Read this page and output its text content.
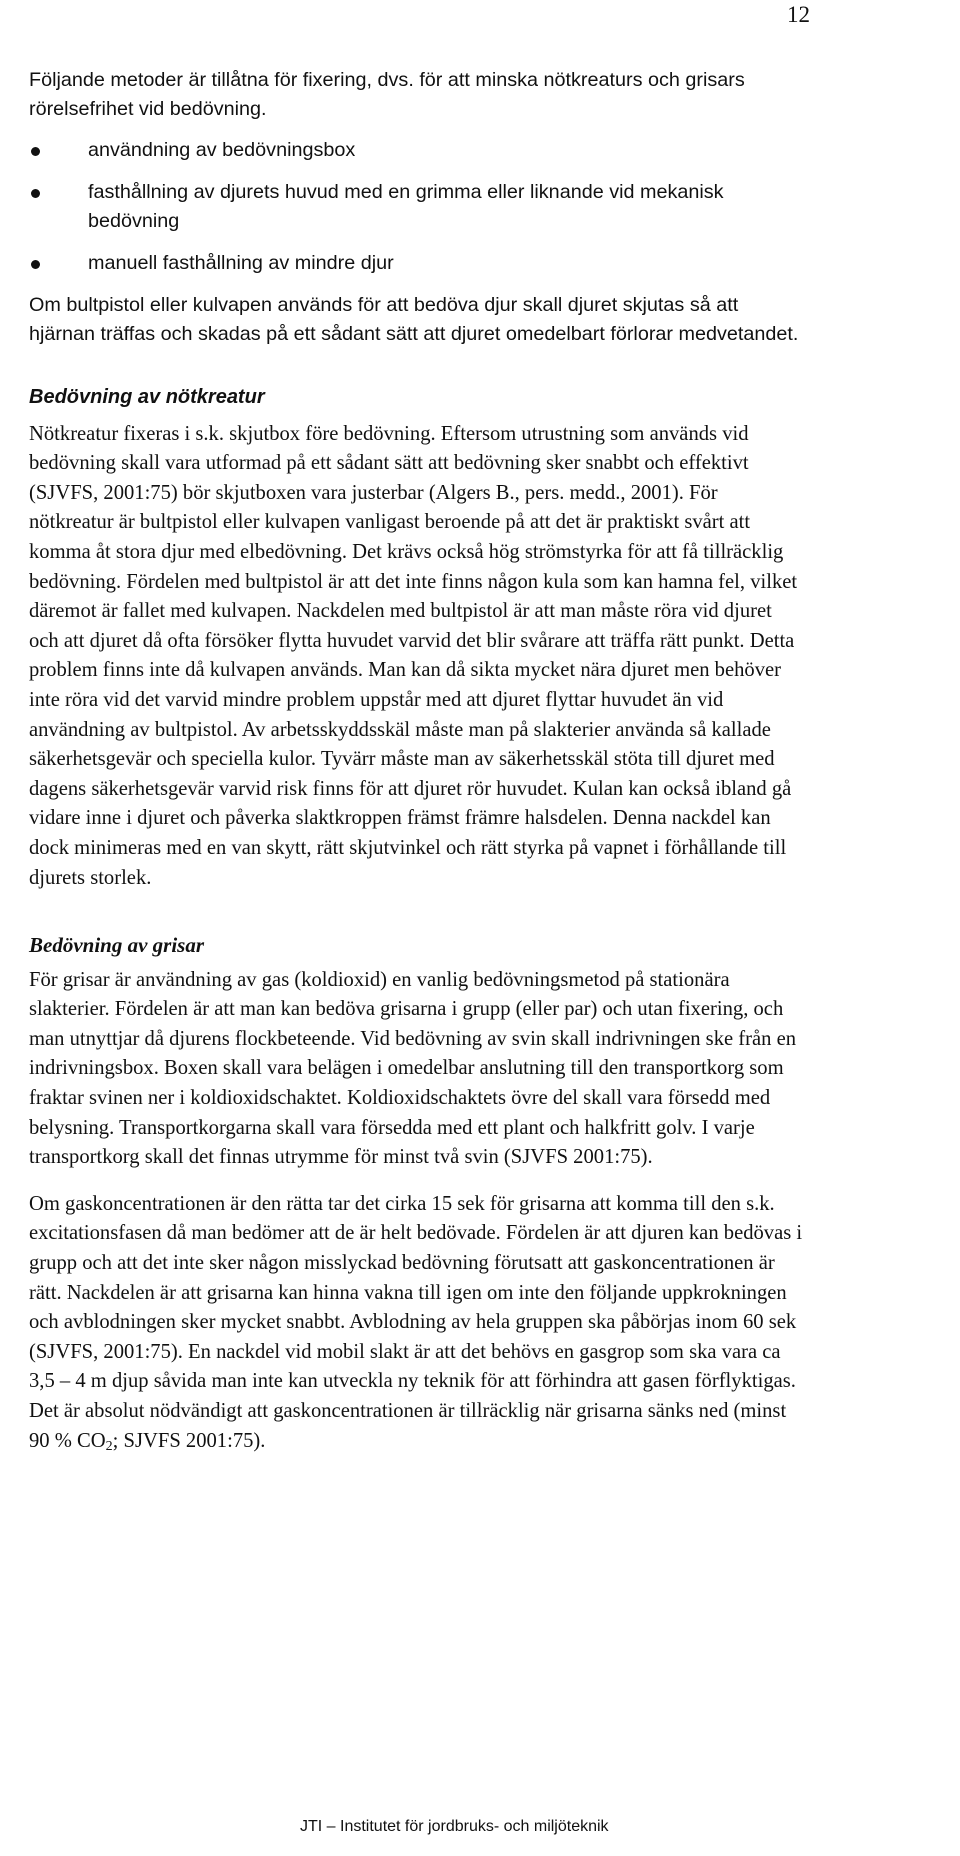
12

Följande metoder är tillåtna för fixering, dvs. för att minska nötkreaturs och grisars rörelsefrihet vid bedövning.

användning av bedövningsbox
fasthållning av djurets huvud med en grimma eller liknande vid mekanisk bedövning
manuell fasthållning av mindre djur

Om bultpistol eller kulvapen används för att bedöva djur skall djuret skjutas så att hjärnan träffas och skadas på ett sådant sätt att djuret omedelbart förlorar medvetandet.

Bedövning av nötkreatur

Nötkreatur fixeras i s.k. skjutbox före bedövning. Eftersom utrustning som används vid bedövning skall vara utformad på ett sådant sätt att bedövning sker snabbt och effektivt (SJVFS, 2001:75) bör skjutboxen vara justerbar (Algers B., pers. medd., 2001). För nötkreatur är bultpistol eller kulvapen vanligast beroende på att det är praktiskt svårt att komma åt stora djur med elbedövning. Det krävs också hög strömstyrka för att få tillräcklig bedövning. Fördelen med bultpistol är att det inte finns någon kula som kan hamna fel, vilket däremot är fallet med kulvapen. Nackdelen med bultpistol är att man måste röra vid djuret och att djuret då ofta försöker flytta huvudet varvid det blir svårare att träffa rätt punkt. Detta problem finns inte då kulvapen används. Man kan då sikta mycket nära djuret men behöver inte röra vid det varvid mindre problem uppstår med att djuret flyttar huvudet än vid användning av bultpistol. Av arbetsskyddsskäl måste man på slakterier använda så kallade säkerhetsgevär och speciella kulor. Tyvärr måste man av säkerhetsskäl stöta till djuret med dagens säkerhetsgevär varvid risk finns för att djuret rör huvudet. Kulan kan också ibland gå vidare inne i djuret och påverka slaktkroppen främst främre halsdelen. Denna nackdel kan dock minimeras med en van skytt, rätt skjutvinkel och rätt styrka på vapnet i förhållande till djurets storlek.

Bedövning av grisar

För grisar är användning av gas (koldioxid) en vanlig bedövningsmetod på stationära slakterier. Fördelen är att man kan bedöva grisarna i grupp (eller par) och utan fixering, och man utnyttjar då djurens flockbeteende. Vid bedövning av svin skall indrivningen ske från en indrivningsbox. Boxen skall vara belägen i omedelbar anslutning till den transportkorg som fraktar svinen ner i koldioxidschaktet. Koldioxidschaktets övre del skall vara försedd med belysning. Transportkorgarna skall vara försedda med ett plant och halkfritt golv. I varje transportkorg skall det finnas utrymme för minst två svin (SJVFS 2001:75).

Om gaskoncentrationen är den rätta tar det cirka 15 sek för grisarna att komma till den s.k. excitationsfasen då man bedömer att de är helt bedövade. Fördelen är att djuren kan bedövas i grupp och att det inte sker någon misslyckad bedövning förutsatt att gaskoncentrationen är rätt. Nackdelen är att grisarna kan hinna vakna till igen om inte den följande uppkrokningen och avblodningen sker mycket snabbt. Avblodning av hela gruppen ska påbörjas inom 60 sek (SJVFS, 2001:75). En nackdel vid mobil slakt är att det behövs en gasgrop som ska vara ca 3,5 – 4 m djup såvida man inte kan utveckla ny teknik för att förhindra att gasen förflyktigas. Det är absolut nödvändigt att gaskoncentrationen är tillräcklig när grisarna sänks ned (minst 90 % $CO_2$; SJVFS 2001:75).

JTI – Institutet för jordbruks- och miljöteknik
